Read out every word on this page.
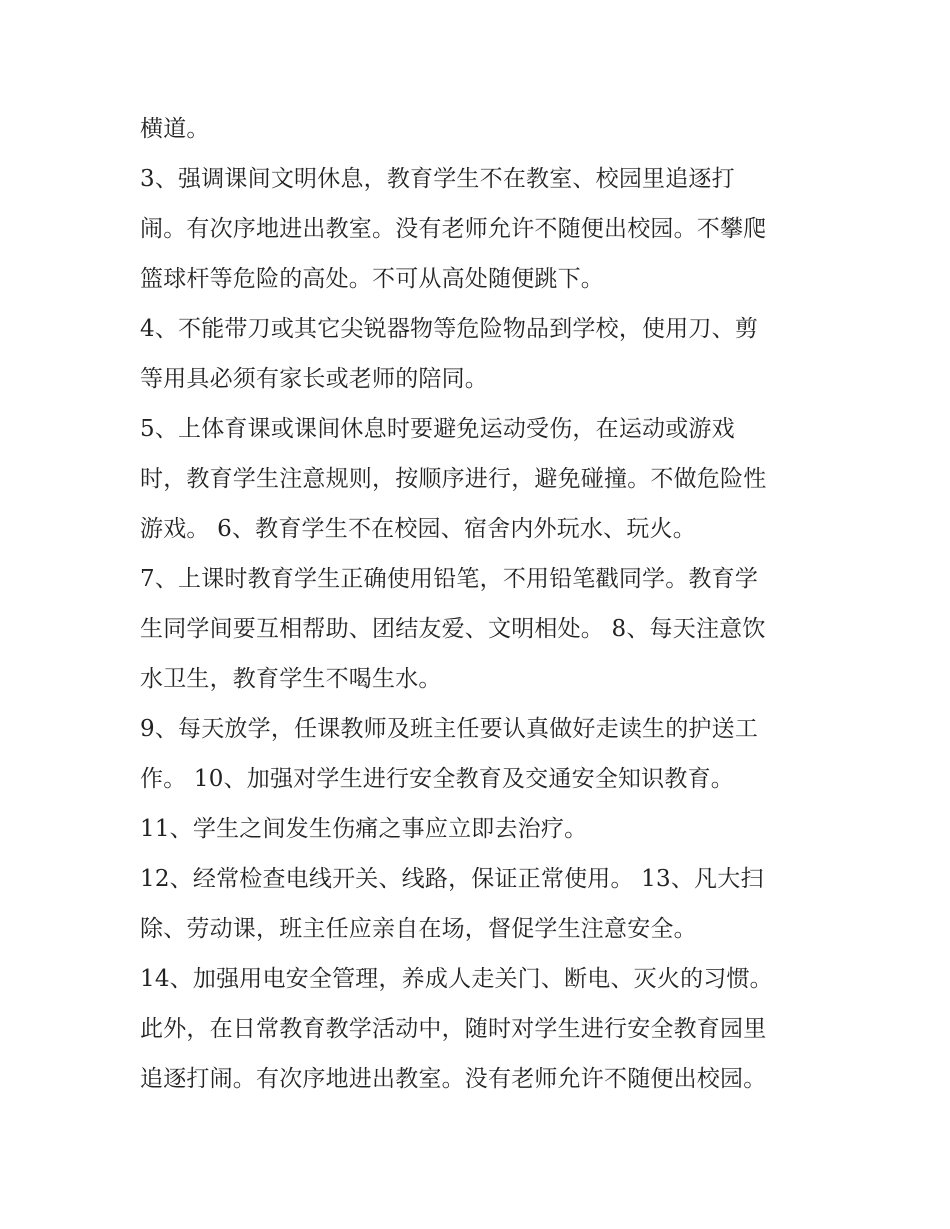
横道。
3、强调课间文明休息，教育学生不在教室、校园里追逐打
闹。有次序地进出教室。没有老师允许不随便出校园。不攀爬
篮球杆等危险的高处。不可从高处随便跳下。
4、不能带刀或其它尖锐器物等危险物品到学校，使用刀、剪
等用具必须有家长或老师的陪同。
5、上体育课或课间休息时要避免运动受伤，在运动或游戏
时，教育学生注意规则，按顺序进行，避免碰撞。不做危险性
游戏。 6、教育学生不在校园、宿舍内外玩水、玩火。
7、上课时教育学生正确使用铅笔，不用铅笔戳同学。教育学
生同学间要互相帮助、团结友爱、文明相处。 8、每天注意饮
水卫生，教育学生不喝生水。
9、每天放学，任课教师及班主任要认真做好走读生的护送工
作。 10、加强对学生进行安全教育及交通安全知识教育。
11、学生之间发生伤痛之事应立即去治疗。
12、经常检查电线开关、线路，保证正常使用。 13、凡大扫
除、劳动课，班主任应亲自在场，督促学生注意安全。
14、加强用电安全管理，养成人走关门、断电、灭火的习惯。
此外，在日常教育教学活动中，随时对学生进行安全教育园里
追逐打闹。有次序地进出教室。没有老师允许不随便出校园。
